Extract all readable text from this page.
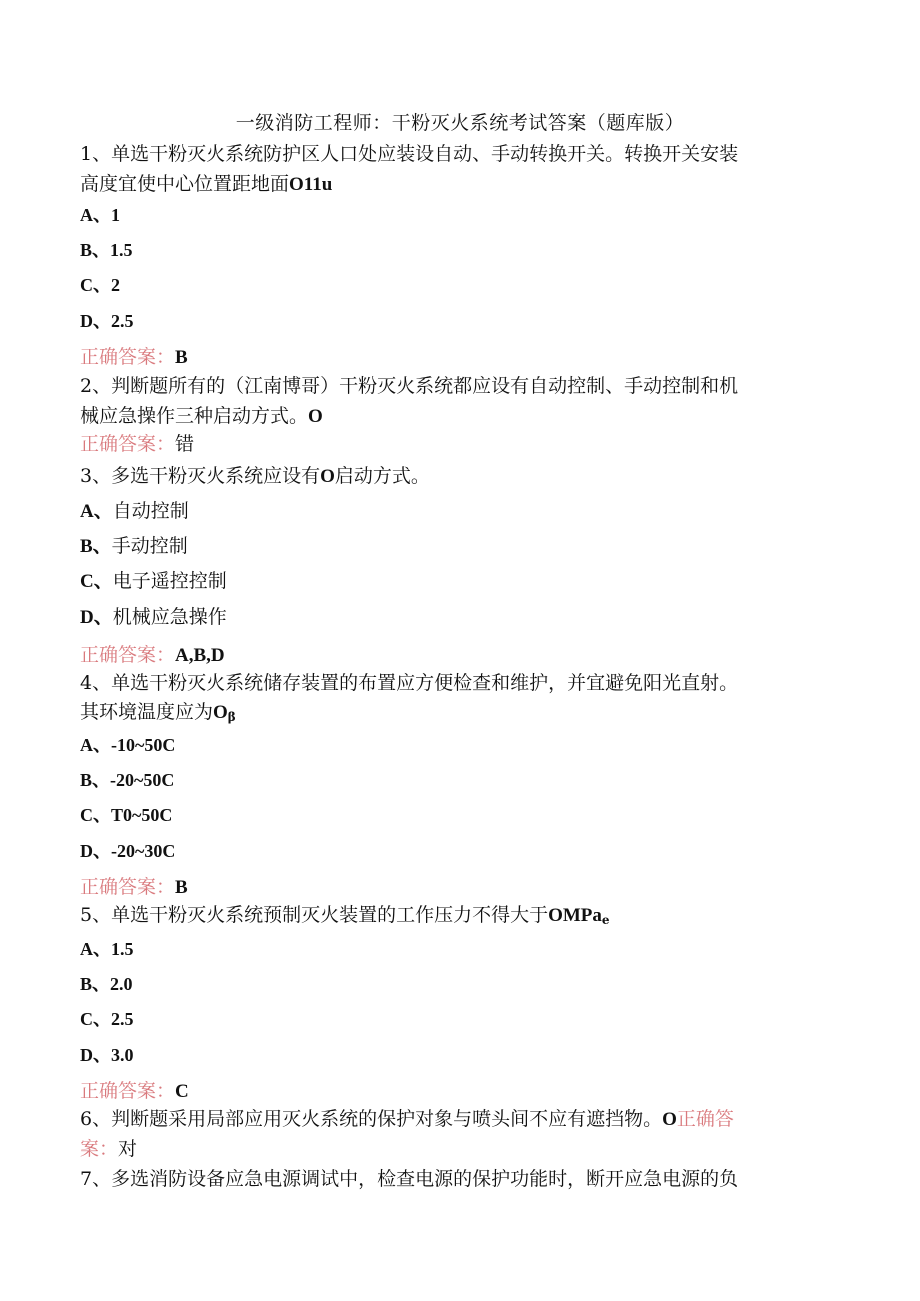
一级消防工程师：干粉灭火系统考试答案（题库版）
1、单选干粉灭火系统防护区人口处应装设自动、手动转换开关。转换开关安装
高度宜使中心位置距地面O11u
A、1
B、1.5
C、2
D、2.5
正确答案：B
2、判断题所有的（江南博哥）干粉灭火系统都应设有自动控制、手动控制和机
械应急操作三种启动方式。O
正确答案：错
3、多选干粉灭火系统应设有O启动方式。
A、自动控制
B、手动控制
C、电子遥控控制
D、机械应急操作
正确答案：A,B,D
4、单选干粉灭火系统储存装置的布置应方便检查和维护，并宜避免阳光直射。
其环境温度应为$O_\beta$
A、-10~50C
B、-20~50C
C、T0~50C
D、-20~30C
正确答案：B
5、单选干粉灭火系统预制灭火装置的工作压力不得大于OMPa$_e$
A、1.5
B、2.0
C、2.5
D、3.0
正确答案：C
6、判断题采用局部应用灭火系统的保护对象与喷头间不应有遮挡物。O正确答
案：对
7、多选消防设备应急电源调试中，检查电源的保护功能时，断开应急电源的负
